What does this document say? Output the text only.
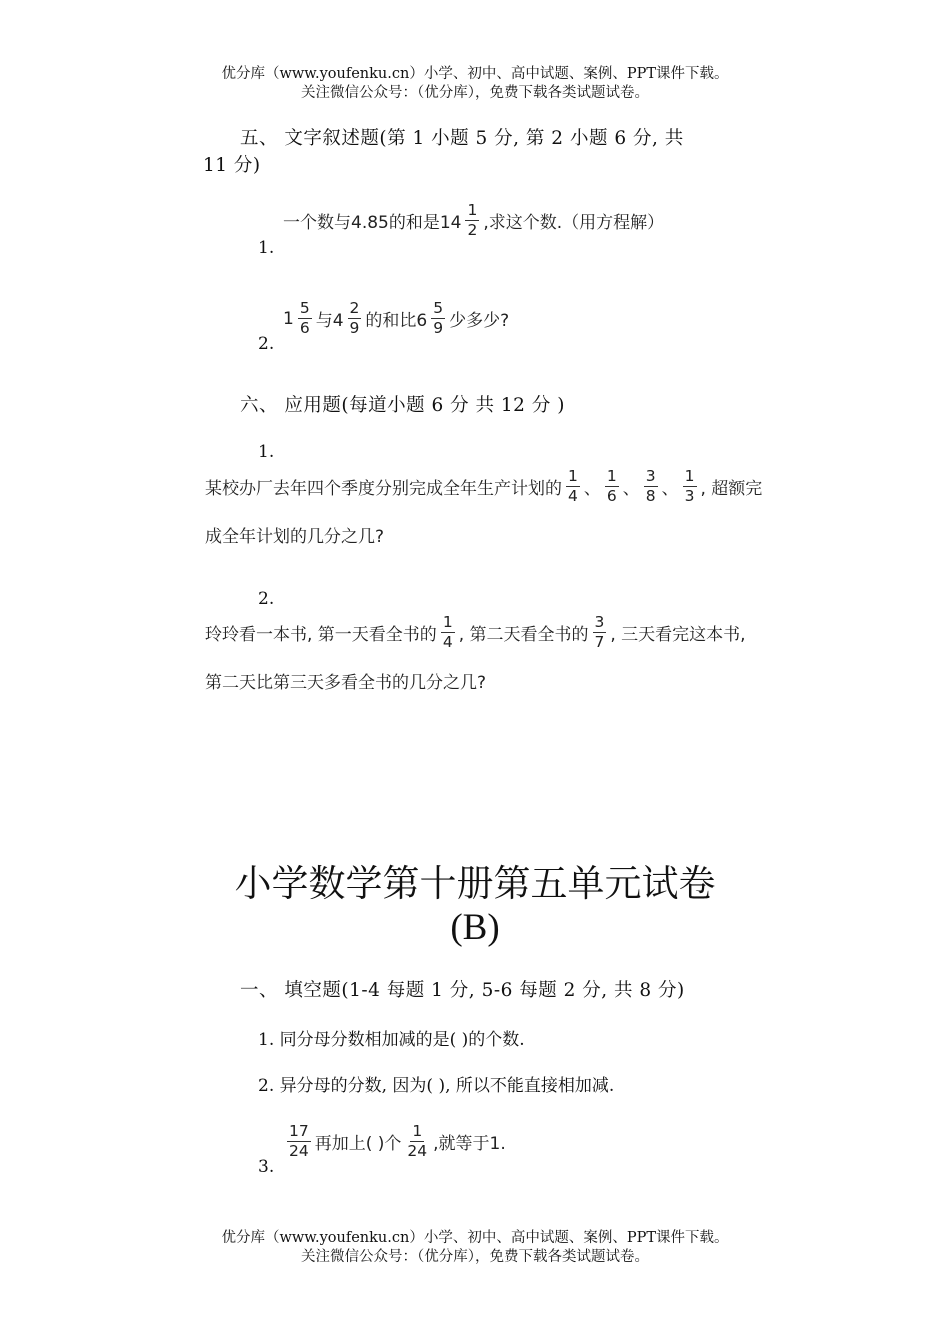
优分库（www.youfenku.cn）小学、初中、高中试题、案例、PPT课件下载。
关注微信公众号：（优分库），免费下载各类试题试卷。
五、 文字叙述题(第 1 小题 5 分, 第 2 小题 6 分, 共
11 分)
一个数与4.85的和是$14 \frac{1}{2}$ ,求这个数.（用方程解）
1.
$1 \frac{5}{6}$ 与$4 \frac{2}{9}$ 的和比$6 \frac{5}{9}$ 少多少?
2.
六、 应用题(每道小题 6 分 共 12 分 )
1.
某校办厂去年四个季度分别完成全年生产计划的 $\frac{1}{4}$ 、 $\frac{1}{6}$ 、 $\frac{3}{8}$ 、 $\frac{1}{3}$ , 超额完
成全年计划的几分之几?
2.
玲玲看一本书, 第一天看全书的 $\frac{1}{4}$ , 第二天看全书的 $\frac{3}{7}$ , 三天看完这本书,
第二天比第三天多看全书的几分之几?
小学数学第十册第五单元试卷
(B)
一、 填空题(1-4 每题 1 分, 5-6 每题 2 分, 共 8 分)
1. 同分母分数相加减的是( )的个数.
2. 异分母的分数, 因为( ), 所以不能直接相加减.
$\frac{17}{24}$ 再加上( )个 $\frac{1}{24}$ ,就等于1.
3.
优分库（www.youfenku.cn）小学、初中、高中试题、案例、PPT课件下载。
关注微信公众号：（优分库），免费下载各类试题试卷。
